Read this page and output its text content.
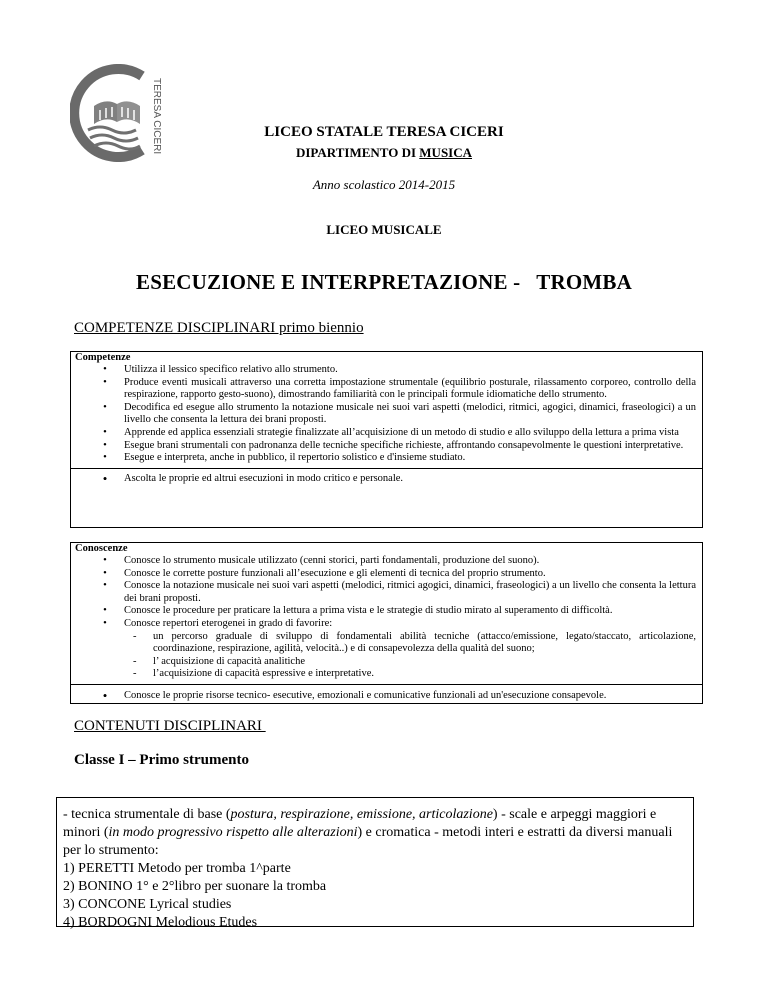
TERESA CICERI	LICEO STATALE TERESA CICERI
DIPARTIMENTO DI MUSICA
Anno scolastico 2014-2015
LICEO MUSICALE
ESECUZIONE E INTERPRETAZIONE -   TROMBA
COMPETENZE DISCIPLINARI primo biennio
Competenze
•	Utilizza il lessico specifico relativo allo strumento.
•	Produce eventi musicali attraverso una corretta impostazione strumentale (equilibrio posturale, rilassamento corporeo, controllo della respirazione, rapporto gesto-suono), dimostrando familiarità con le principali formule idiomatiche dello strumento.
•	Decodifica ed esegue allo strumento la notazione musicale nei suoi vari aspetti (melodici, ritmici, agogici, dinamici, fraseologici) a un livello che consenta la lettura dei brani proposti.
•	Apprende ed applica essenziali strategie finalizzate all’acquisizione di un metodo di studio e allo sviluppo della lettura a prima vista
•	Esegue brani strumentali con padronanza delle tecniche specifiche richieste, affrontando consapevolmente le questioni interpretative.
•	Esegue e interpreta, anche in pubblico, il repertorio solistico e d'insieme studiato.
• Ascolta le proprie ed altrui esecuzioni in modo critico e personale.
Conoscenze
•	Conosce lo strumento musicale utilizzato (cenni storici, parti fondamentali, produzione del suono).
•	Conosce le corrette posture funzionali all’esecuzione e gli elementi di tecnica del proprio strumento.
•	Conosce la notazione musicale nei suoi vari aspetti (melodici, ritmici agogici, dinamici, fraseologici) a un livello che consenta la lettura dei brani proposti.
•	Conosce le procedure per praticare la lettura a prima vista e le strategie di studio mirato al superamento di difficoltà.
•	Conosce repertori eterogenei in grado di favorire:
- un percorso graduale di sviluppo di fondamentali abilità tecniche (attacco/emissione, legato/staccato, articolazione, coordinazione, respirazione, agilità, velocità..) e di consapevolezza della qualità del suono;
- l’ acquisizione di capacità analitiche
- l’acquisizione di capacità espressive e interpretative.
• Conosce le proprie risorse tecnico- esecutive, emozionali e comunicative funzionali ad un'esecuzione consapevole.
CONTENUTI DISCIPLINARI
Classe I – Primo strumento

- tecnica strumentale di base (postura, respirazione, emissione, articolazione) - scale e arpeggi maggiori e minori (in modo progressivo rispetto alle alterazioni) e cromatica - metodi interi e estratti da diversi manuali per lo strumento:

1) PERETTI Metodo per tromba 1^parte

2) BONINO 1° e 2°libro per suonare la tromba

3) CONCONE Lyrical studies

4) BORDOGNI Melodious Etudes
